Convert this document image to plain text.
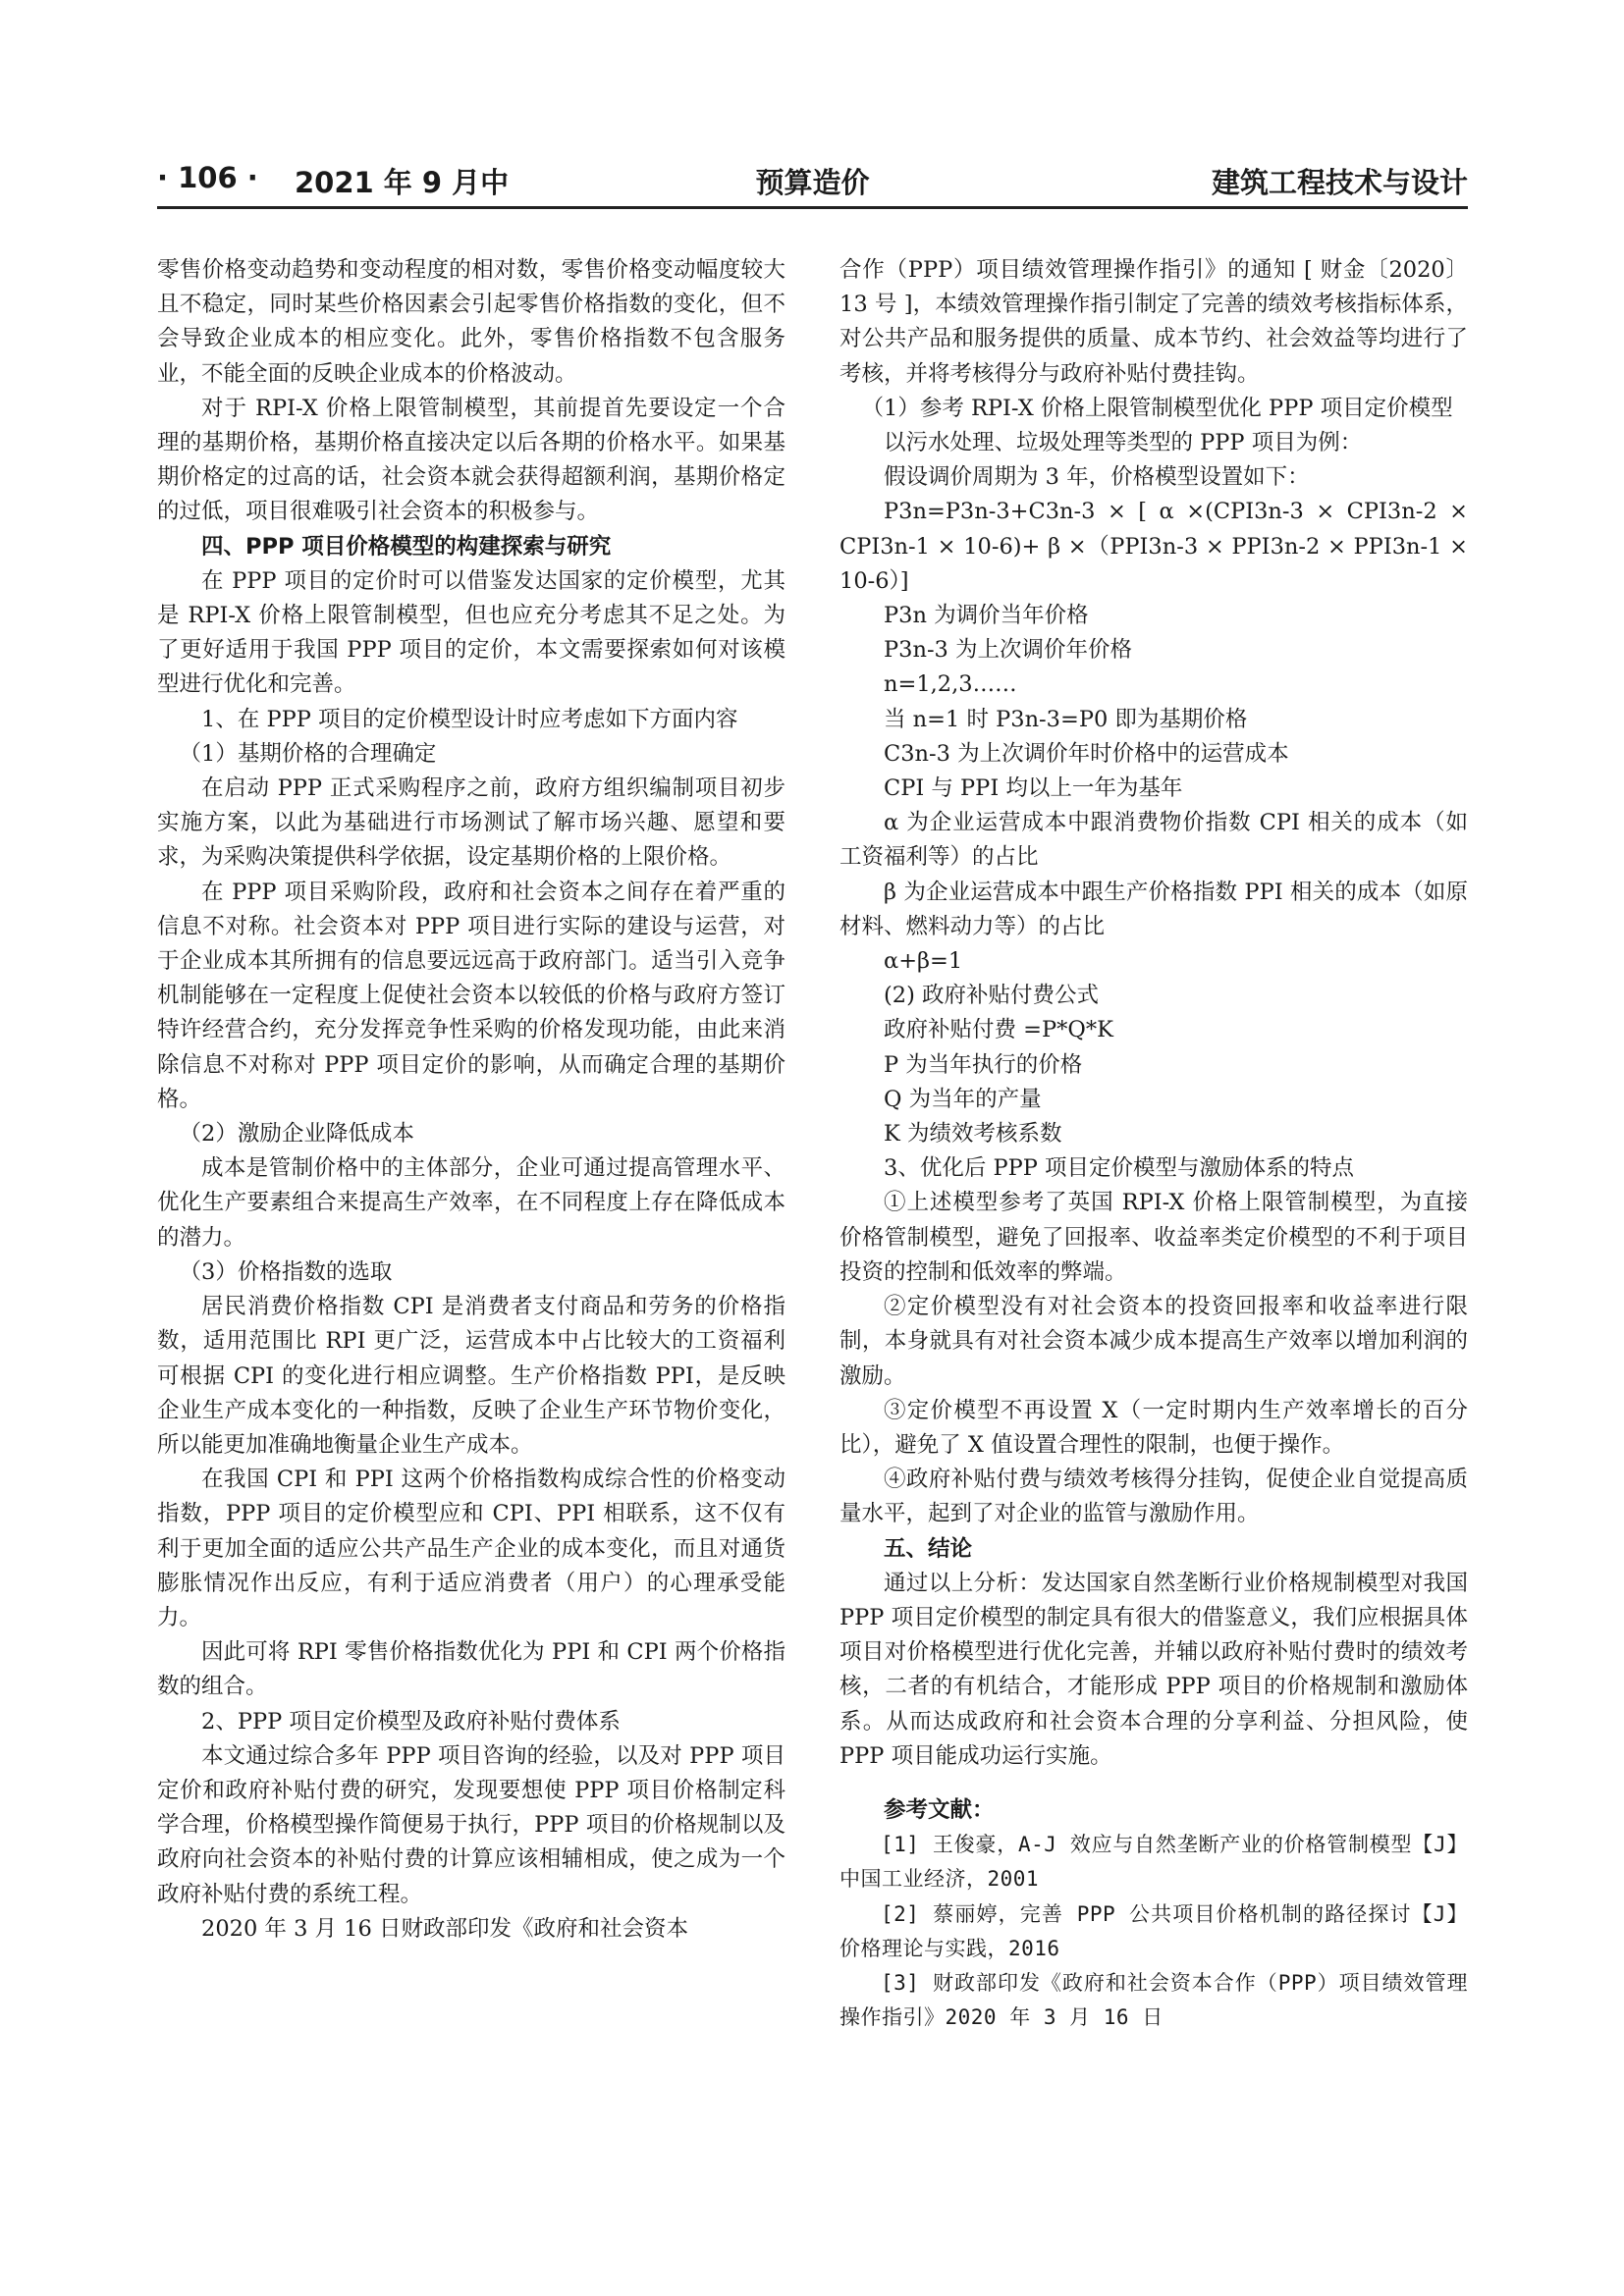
· 106 · 2021 年 9 月中	预算造价	建筑工程技术与设计

零售价格变动趋势和变动程度的相对数，零售价格变动幅度较大且不稳定，同时某些价格因素会引起零售价格指数的变化，但不会导致企业成本的相应变化。此外，零售价格指数不包含服务业，不能全面的反映企业成本的价格波动。

对于 RPI-X 价格上限管制模型，其前提首先要设定一个合理的基期价格，基期价格直接决定以后各期的价格水平。如果基期价格定的过高的话，社会资本就会获得超额利润，基期价格定的过低，项目很难吸引社会资本的积极参与。

四、PPP 项目价格模型的构建探索与研究

在 PPP 项目的定价时可以借鉴发达国家的定价模型，尤其是 RPI-X 价格上限管制模型，但也应充分考虑其不足之处。为了更好适用于我国 PPP 项目的定价，本文需要探索如何对该模型进行优化和完善。

1、在 PPP 项目的定价模型设计时应考虑如下方面内容

（1）基期价格的合理确定

在启动 PPP 正式采购程序之前，政府方组织编制项目初步实施方案，以此为基础进行市场测试了解市场兴趣、愿望和要求，为采购决策提供科学依据，设定基期价格的上限价格。

在 PPP 项目采购阶段，政府和社会资本之间存在着严重的信息不对称。社会资本对 PPP 项目进行实际的建设与运营，对于企业成本其所拥有的信息要远远高于政府部门。适当引入竞争机制能够在一定程度上促使社会资本以较低的价格与政府方签订特许经营合约，充分发挥竞争性采购的价格发现功能，由此来消除信息不对称对 PPP 项目定价的影响，从而确定合理的基期价格。

（2）激励企业降低成本

成本是管制价格中的主体部分，企业可通过提高管理水平、优化生产要素组合来提高生产效率，在不同程度上存在降低成本的潜力。

（3）价格指数的选取

居民消费价格指数 CPI 是消费者支付商品和劳务的价格指数，适用范围比 RPI 更广泛，运营成本中占比较大的工资福利可根据 CPI 的变化进行相应调整。生产价格指数 PPI，是反映企业生产成本变化的一种指数，反映了企业生产环节物价变化，所以能更加准确地衡量企业生产成本。

在我国 CPI 和 PPI 这两个价格指数构成综合性的价格变动指数，PPP 项目的定价模型应和 CPI、PPI 相联系，这不仅有利于更加全面的适应公共产品生产企业的成本变化，而且对通货膨胀情况作出反应，有利于适应消费者（用户）的心理承受能力。

因此可将 RPI 零售价格指数优化为 PPI 和 CPI 两个价格指数的组合。

2、PPP 项目定价模型及政府补贴付费体系

本文通过综合多年 PPP 项目咨询的经验，以及对 PPP 项目定价和政府补贴付费的研究，发现要想使 PPP 项目价格制定科学合理，价格模型操作简便易于执行，PPP 项目的价格规制以及政府向社会资本的补贴付费的计算应该相辅相成，使之成为一个政府补贴付费的系统工程。

2020 年 3 月 16 日财政部印发《政府和社会资本

合作（PPP）项目绩效管理操作指引》的通知 [ 财金〔2020〕13 号 ]，本绩效管理操作指引制定了完善的绩效考核指标体系，对公共产品和服务提供的质量、成本节约、社会效益等均进行了考核，并将考核得分与政府补贴付费挂钩。

（1）参考 RPI-X 价格上限管制模型优化 PPP 项目定价模型

以污水处理、垃圾处理等类型的 PPP 项目为例：

假设调价周期为 3 年，价格模型设置如下：

P3n=P3n-3+C3n-3 × [ α ×(CPI3n-3 × CPI3n-2 × CPI3n-1 × 10-6)+ β ×（PPI3n-3 × PPI3n-2 × PPI3n-1 × 10-6）]

P3n 为调价当年价格

P3n-3 为上次调价年价格

n=1,2,3……

当 n=1 时 P3n-3=P0 即为基期价格

C3n-3 为上次调价年时价格中的运营成本

CPI 与 PPI 均以上一年为基年

α 为企业运营成本中跟消费物价指数 CPI 相关的成本（如工资福利等）的占比

β 为企业运营成本中跟生产价格指数 PPI 相关的成本（如原材料、燃料动力等）的占比

α+β=1

(2) 政府补贴付费公式

政府补贴付费 =P*Q*K

P 为当年执行的价格

Q 为当年的产量

K 为绩效考核系数

3、优化后 PPP 项目定价模型与激励体系的特点

①上述模型参考了英国 RPI-X 价格上限管制模型，为直接价格管制模型，避免了回报率、收益率类定价模型的不利于项目投资的控制和低效率的弊端。

②定价模型没有对社会资本的投资回报率和收益率进行限制，本身就具有对社会资本减少成本提高生产效率以增加利润的激励。

③定价模型不再设置 X（一定时期内生产效率增长的百分比），避免了 X 值设置合理性的限制，也便于操作。

④政府补贴付费与绩效考核得分挂钩，促使企业自觉提高质量水平，起到了对企业的监管与激励作用。

五、结论

通过以上分析：发达国家自然垄断行业价格规制模型对我国 PPP 项目定价模型的制定具有很大的借鉴意义，我们应根据具体项目对价格模型进行优化完善，并辅以政府补贴付费时的绩效考核，二者的有机结合，才能形成 PPP 项目的价格规制和激励体系。从而达成政府和社会资本合理的分享利益、分担风险，使 PPP 项目能成功运行实施。

参考文献：

[1] 王俊豪，A-J 效应与自然垄断产业的价格管制模型【J】中国工业经济，2001

[2] 蔡丽婷，完善 PPP 公共项目价格机制的路径探讨【J】价格理论与实践，2016

[3] 财政部印发《政府和社会资本合作（PPP）项目绩效管理操作指引》2020 年 3 月 16 日
